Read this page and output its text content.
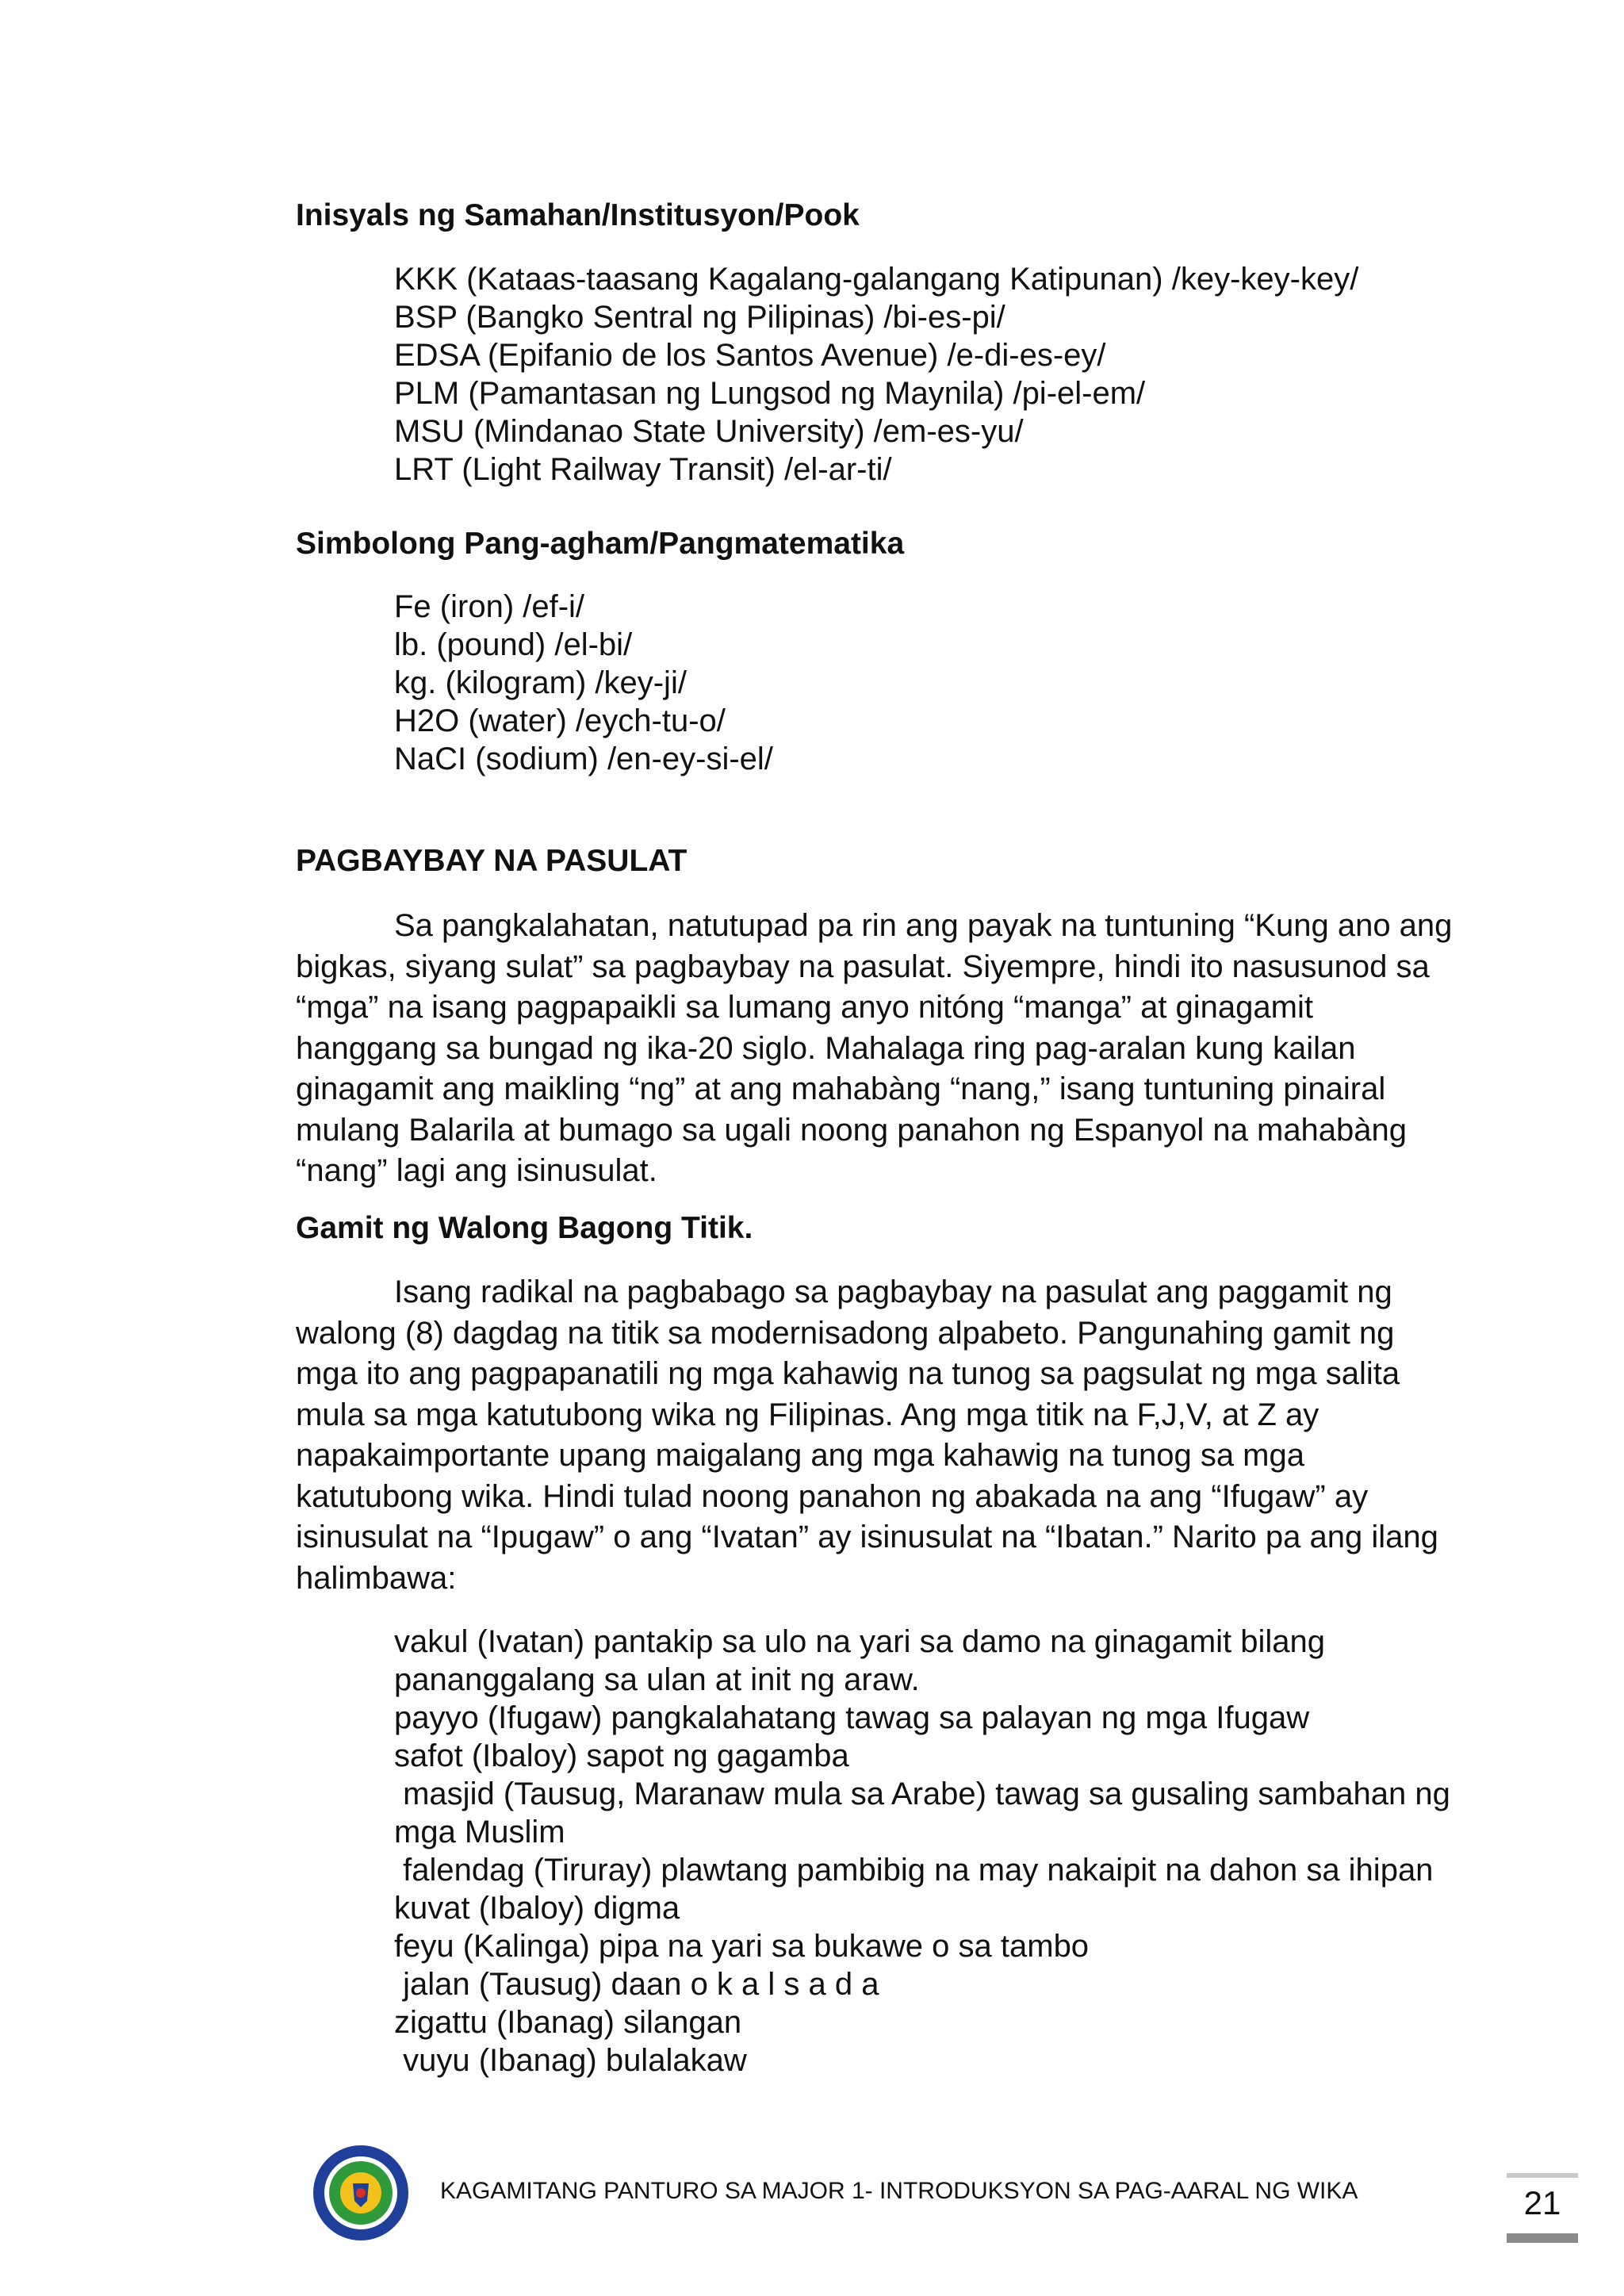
Inisyals ng Samahan/Institusyon/Pook
KKK (Kataas-taasang Kagalang-galangang Katipunan) /key-key-key/
BSP (Bangko Sentral ng Pilipinas) /bi-es-pi/
EDSA (Epifanio de los Santos Avenue) /e-di-es-ey/
PLM (Pamantasan ng Lungsod ng Maynila) /pi-el-em/
MSU (Mindanao State University) /em-es-yu/
LRT (Light Railway Transit) /el-ar-ti/
Simbolong Pang-agham/Pangmatematika
Fe (iron) /ef-i/
lb. (pound) /el-bi/
kg. (kilogram) /key-ji/
H2O (water) /eych-tu-o/
NaCI (sodium) /en-ey-si-el/
PAGBAYBAY NA PASULAT
Sa pangkalahatan, natutupad pa rin ang payak na tuntuning “Kung ano ang
bigkas, siyang sulat” sa pagbaybay na pasulat. Siyempre, hindi ito nasusunod sa
“mga” na isang pagpapaikli sa lumang anyo nitóng “manga” at ginagamit
hanggang sa bungad ng ika-20 siglo. Mahalaga ring pag-aralan kung kailan
ginagamit ang maikling “ng” at ang mahabàng “nang,” isang tuntuning pinairal
mulang Balarila at bumago sa ugali noong panahon ng Espanyol na mahabàng
“nang” lagi ang isinusulat.
Gamit ng Walong Bagong Titik.
Isang radikal na pagbabago sa pagbaybay na pasulat ang paggamit ng
walong (8) dagdag na titik sa modernisadong alpabeto. Pangunahing gamit ng
mga ito ang pagpapanatili ng mga kahawig na tunog sa pagsulat ng mga salita
mula sa mga katutubong wika ng Filipinas. Ang mga titik na F,J,V, at Z ay
napakaimportante upang maigalang ang mga kahawig na tunog sa mga
katutubong wika. Hindi tulad noong panahon ng abakada na ang “Ifugaw” ay
isinusulat na “Ipugaw” o ang “Ivatan” ay isinusulat na “Ibatan.” Narito pa ang ilang
halimbawa:
vakul (Ivatan) pantakip sa ulo na yari sa damo na ginagamit bilang
pananggalang sa ulan at init ng araw.
payyo (Ifugaw) pangkalahatang tawag sa palayan ng mga Ifugaw
safot (Ibaloy) sapot ng gagamba
masjid (Tausug, Maranaw mula sa Arabe) tawag sa gusaling sambahan ng
mga Muslim
falendag (Tiruray) plawtang pambibig na may nakaipit na dahon sa ihipan
kuvat (Ibaloy) digma
feyu (Kalinga) pipa na yari sa bukawe o sa tambo
jalan (Tausug) daan o k a l s a d a
zigattu (Ibanag) silangan
vuyu (Ibanag) bulalakaw
KAGAMITANG PANTURO SA MAJOR 1- INTRODUKSYON SA PAG-AARAL NG WIKA	21
